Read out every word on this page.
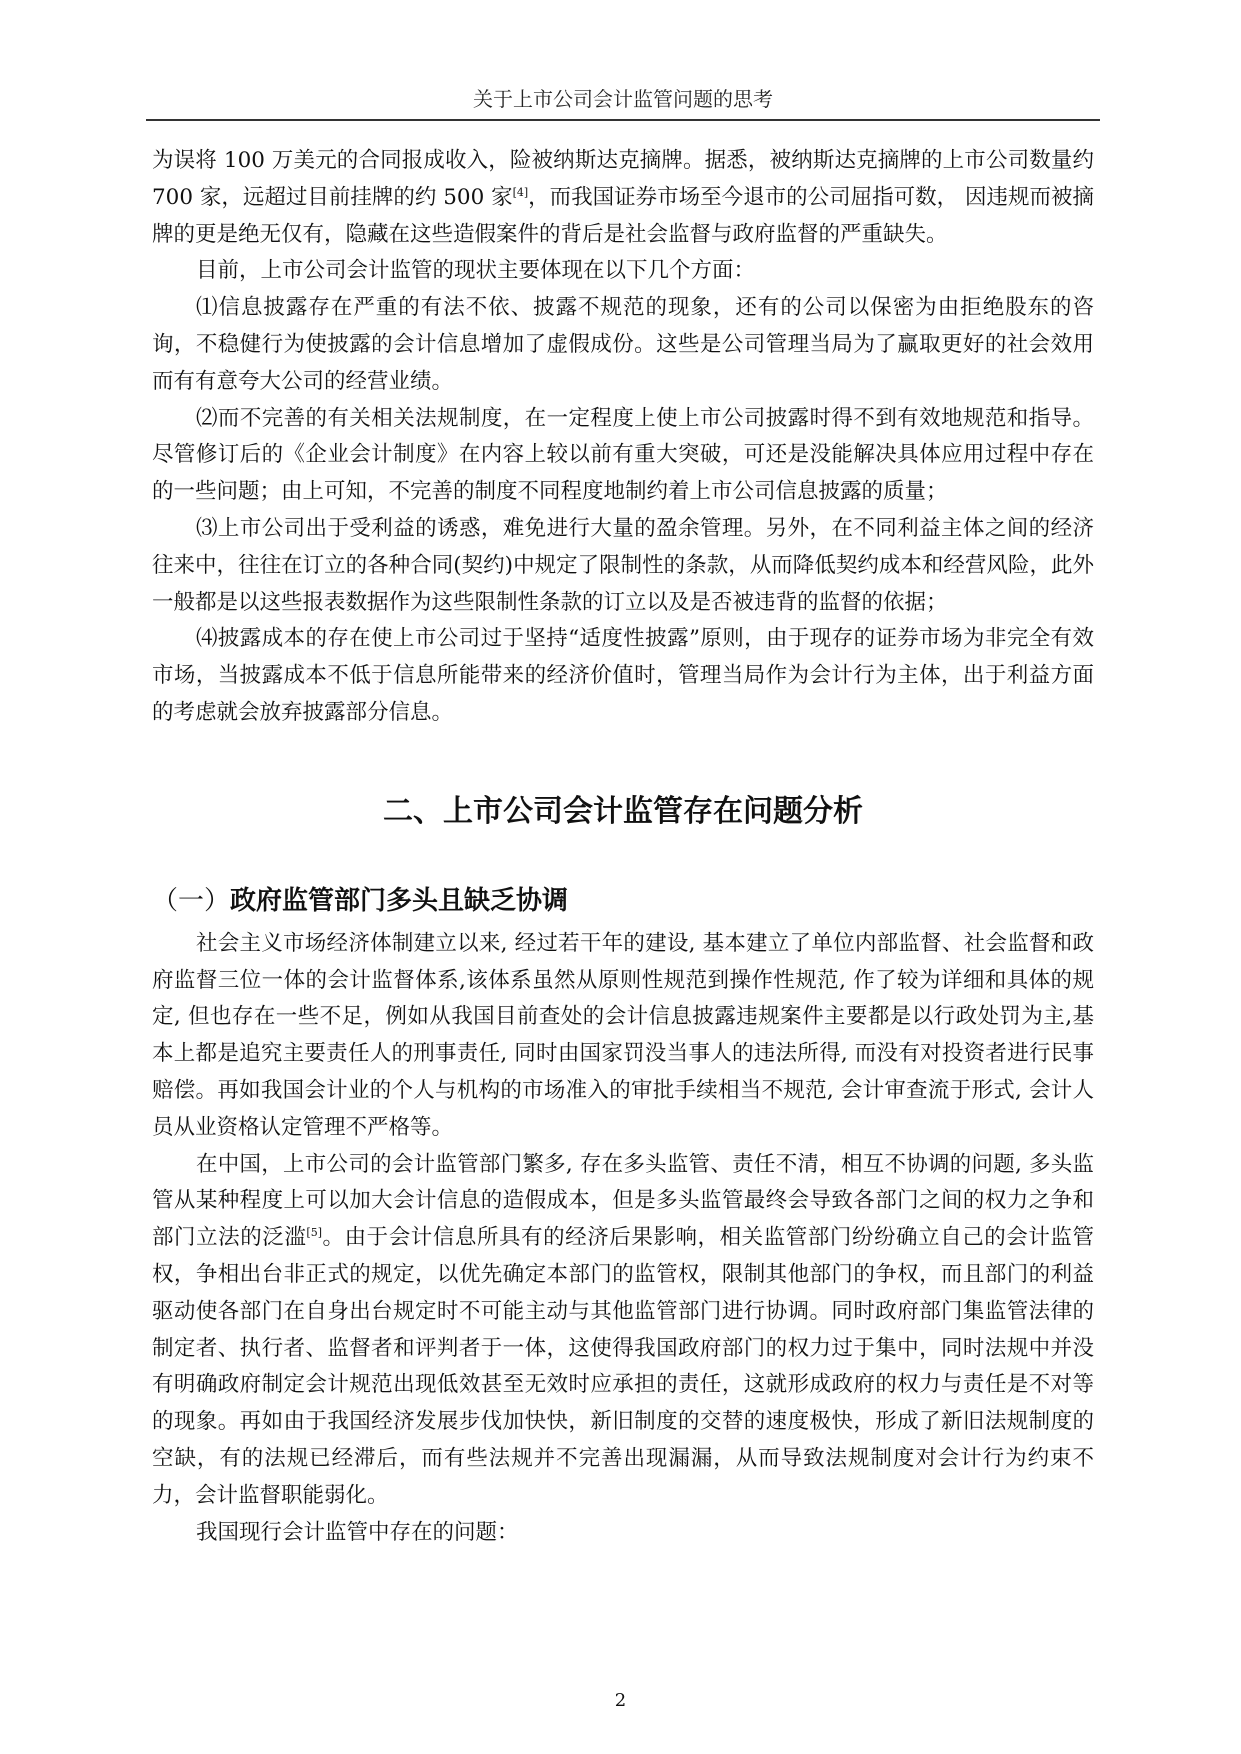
关于上市公司会计监管问题的思考

为误将 100 万美元的合同报成收入，险被纳斯达克摘牌。据悉，被纳斯达克摘牌的上市公司数量约 700 家，远超过目前挂牌的约 500 家[4]，而我国证券市场至今退市的公司屈指可数， 因违规而被摘牌的更是绝无仅有，隐藏在这些造假案件的背后是社会监督与政府监督的严重缺失。

目前，上市公司会计监管的现状主要体现在以下几个方面：

⑴信息披露存在严重的有法不依、披露不规范的现象，还有的公司以保密为由拒绝股东的咨询，不稳健行为使披露的会计信息增加了虚假成份。这些是公司管理当局为了赢取更好的社会效用而有有意夸大公司的经营业绩。

⑵而不完善的有关相关法规制度，在一定程度上使上市公司披露时得不到有效地规范和指导。尽管修订后的《企业会计制度》在内容上较以前有重大突破，可还是没能解决具体应用过程中存在的一些问题；由上可知，不完善的制度不同程度地制约着上市公司信息披露的质量；

⑶上市公司出于受利益的诱惑，难免进行大量的盈余管理。另外，在不同利益主体之间的经济往来中，往往在订立的各种合同(契约)中规定了限制性的条款，从而降低契约成本和经营风险，此外一般都是以这些报表数据作为这些限制性条款的订立以及是否被违背的监督的依据；

⑷披露成本的存在使上市公司过于坚持“适度性披露”原则，由于现存的证券市场为非完全有效市场，当披露成本不低于信息所能带来的经济价值时，管理当局作为会计行为主体，出于利益方面的考虑就会放弃披露部分信息。

二、上市公司会计监管存在问题分析
（一）政府监管部门多头且缺乏协调

社会主义市场经济体制建立以来, 经过若干年的建设, 基本建立了单位内部监督、社会监督和政府监督三位一体的会计监督体系,该体系虽然从原则性规范到操作性规范, 作了较为详细和具体的规定, 但也存在一些不足，例如从我国目前查处的会计信息披露违规案件主要都是以行政处罚为主,基本上都是追究主要责任人的刑事责任, 同时由国家罚没当事人的违法所得, 而没有对投资者进行民事赔偿。再如我国会计业的个人与机构的市场准入的审批手续相当不规范, 会计审查流于形式, 会计人员从业资格认定管理不严格等。

在中国，上市公司的会计监管部门繁多, 存在多头监管、责任不清，相互不协调的问题, 多头监管从某种程度上可以加大会计信息的造假成本，但是多头监管最终会导致各部门之间的权力之争和部门立法的泛滥[5]。由于会计信息所具有的经济后果影响，相关监管部门纷纷确立自己的会计监管权，争相出台非正式的规定，以优先确定本部门的监管权，限制其他部门的争权，而且部门的利益驱动使各部门在自身出台规定时不可能主动与其他监管部门进行协调。同时政府部门集监管法律的制定者、执行者、监督者和评判者于一体，这使得我国政府部门的权力过于集中，同时法规中并没有明确政府制定会计规范出现低效甚至无效时应承担的责任，这就形成政府的权力与责任是不对等的现象。再如由于我国经济发展步伐加快快，新旧制度的交替的速度极快，形成了新旧法规制度的空缺，有的法规已经滞后，而有些法规并不完善出现漏漏，从而导致法规制度对会计行为约束不力，会计监督职能弱化。

我国现行会计监管中存在的问题：

2
